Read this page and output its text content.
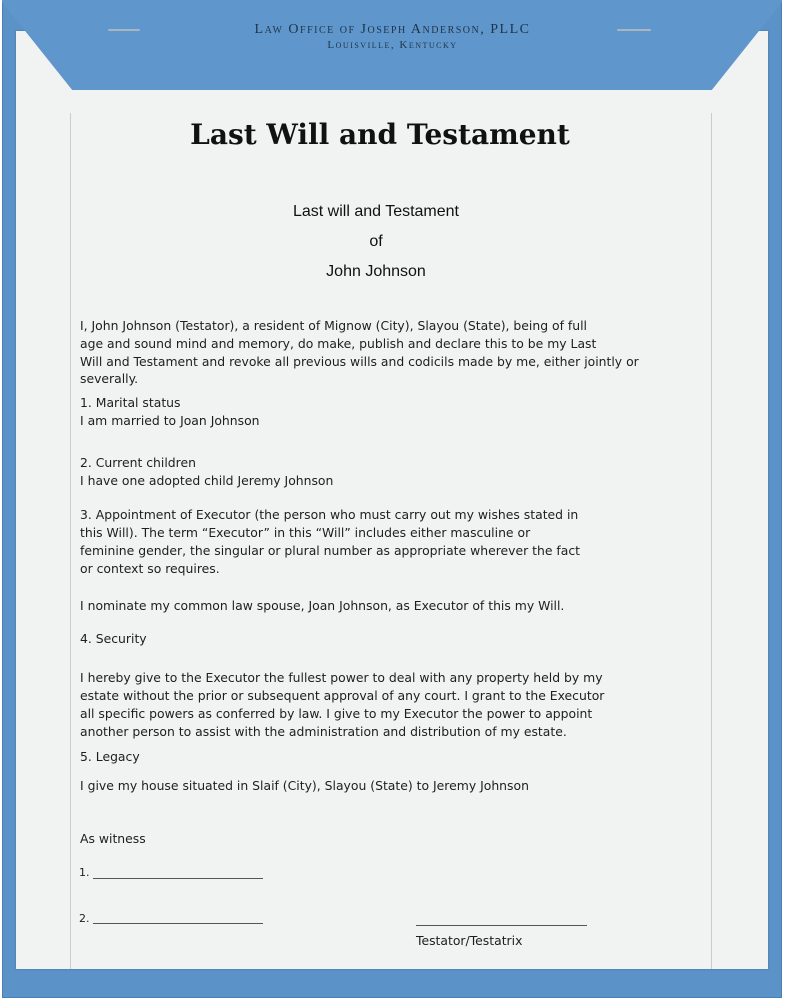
Law Office of Joseph Anderson, PLLC
Louisville, Kentucky
Last Will and Testament
Last will and Testament
of
John Johnson
I, John Johnson (Testator), a resident of Mignow (City), Slayou (State), being of full
age and sound mind and memory, do make, publish and declare this to be my Last
Will and Testament and revoke all previous wills and codicils made by me, either jointly or
severally.
1. Marital status
I am married to Joan Johnson
2. Current children
I have one adopted child Jeremy Johnson
3. Appointment of Executor (the person who must carry out my wishes stated in
this Will). The term “Executor” in this “Will” includes either masculine or
feminine gender, the singular or plural number as appropriate wherever the fact
or context so requires.
I nominate my common law spouse, Joan Johnson, as Executor of this my Will.
4. Security
I hereby give to the Executor the fullest power to deal with any property held by my
estate without the prior or subsequent approval of any court. I grant to the Executor
all specific powers as conferred by law. I give to my Executor the power to appoint
another person to assist with the administration and distribution of my estate.
5. Legacy
I give my house situated in Slaif (City), Slayou (State) to Jeremy Johnson
As witness
1.
2.
Testator/Testatrix
